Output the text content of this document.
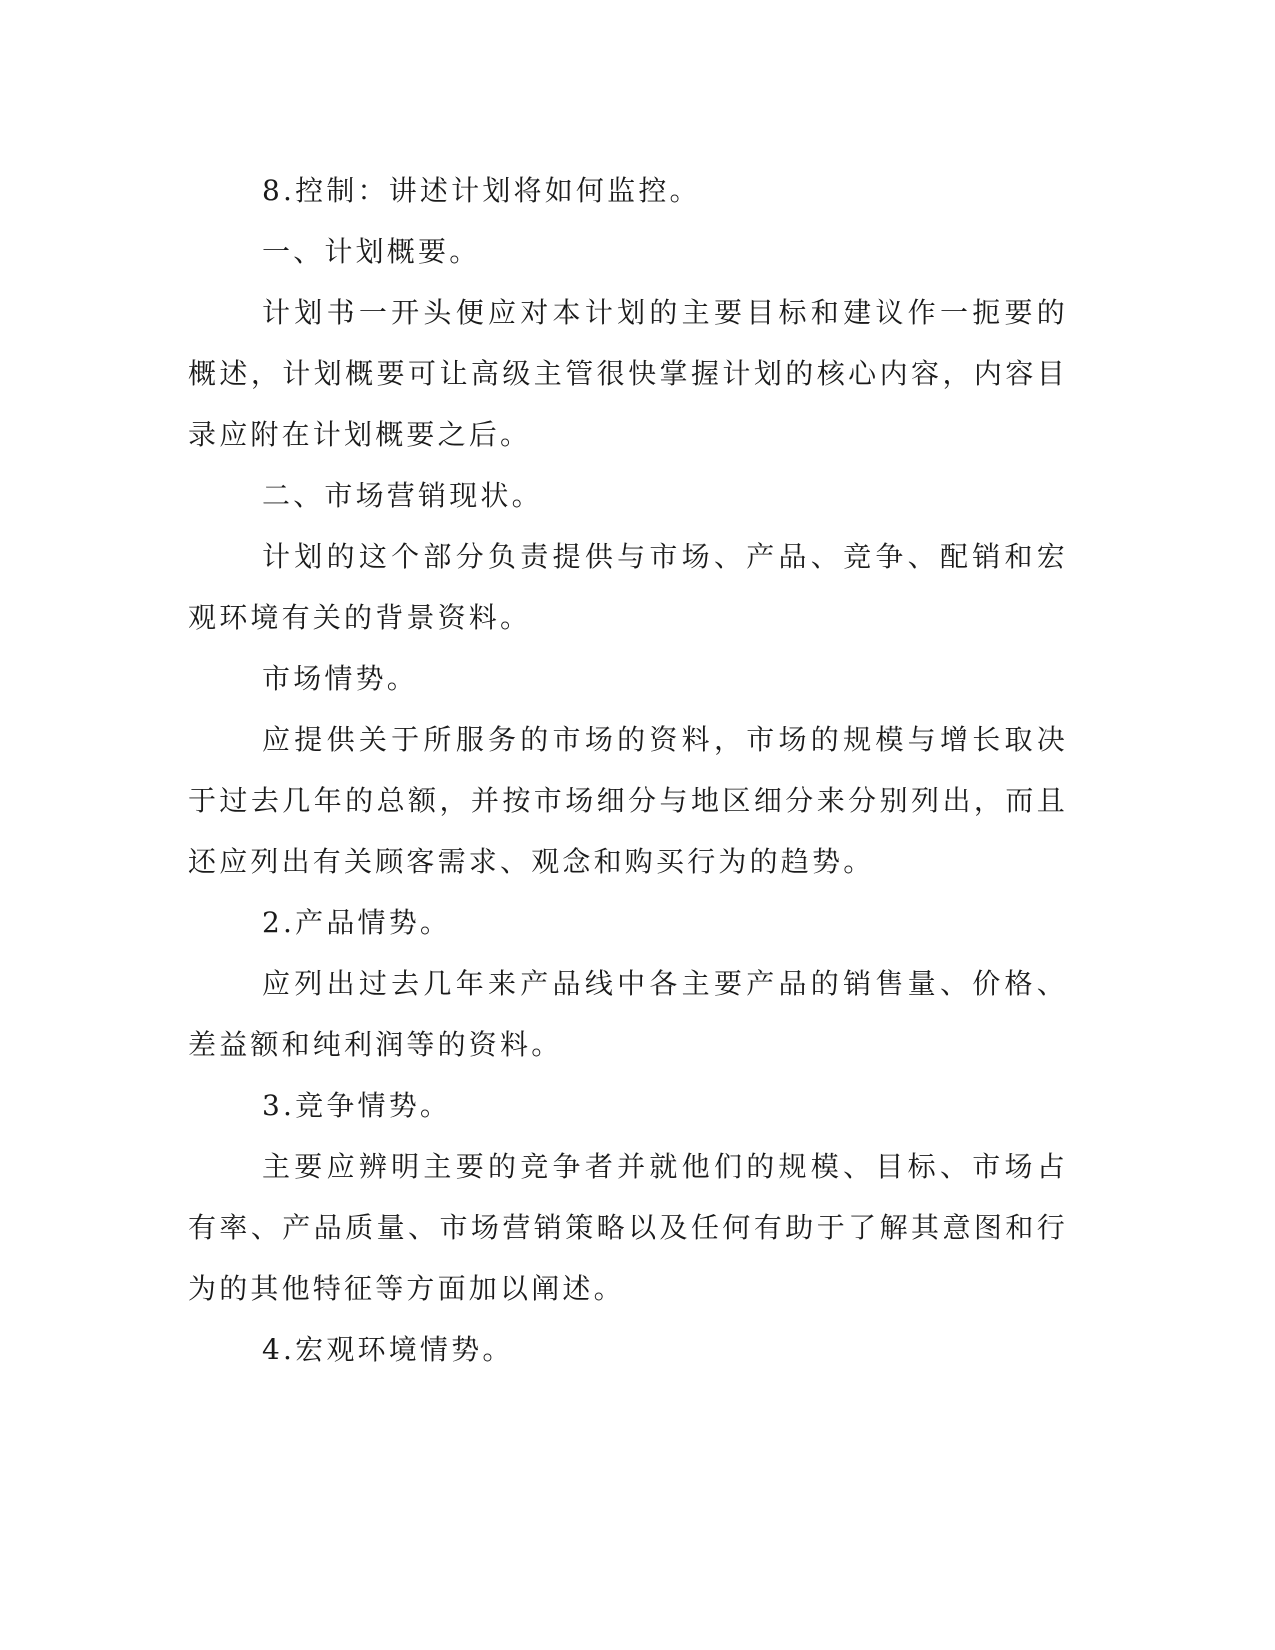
8.控制：讲述计划将如何监控。

一、计划概要。

计划书一开头便应对本计划的主要目标和建议作一扼要的概述，计划概要可让高级主管很快掌握计划的核心内容，内容目录应附在计划概要之后。

二、市场营销现状。

计划的这个部分负责提供与市场、产品、竞争、配销和宏观环境有关的背景资料。

市场情势。

应提供关于所服务的市场的资料，市场的规模与增长取决于过去几年的总额，并按市场细分与地区细分来分别列出，而且还应列出有关顾客需求、观念和购买行为的趋势。

2.产品情势。

应列出过去几年来产品线中各主要产品的销售量、价格、差益额和纯利润等的资料。

3.竞争情势。

主要应辨明主要的竞争者并就他们的规模、目标、市场占有率、产品质量、市场营销策略以及任何有助于了解其意图和行为的其他特征等方面加以阐述。

4.宏观环境情势。
